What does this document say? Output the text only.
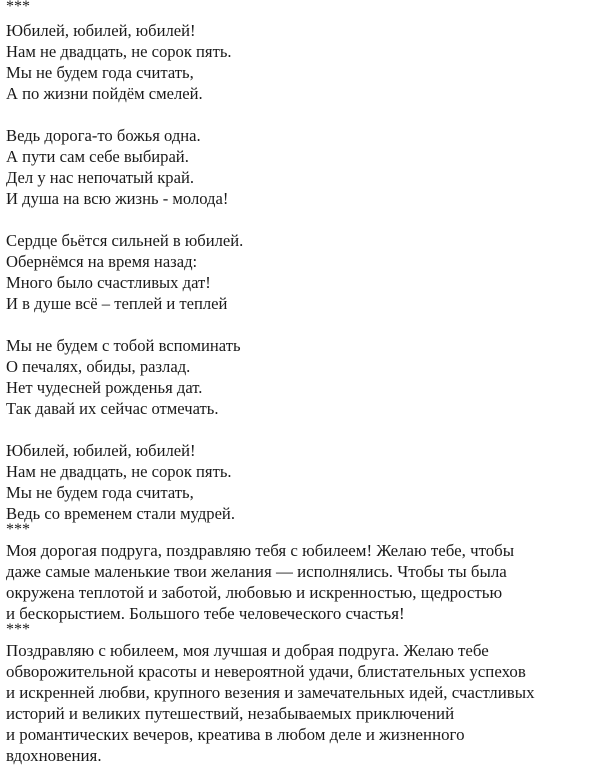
***
Юбилей, юбилей, юбилей!
Нам не двадцать, не сорок пять.
Мы не будем года считать,
А по жизни пойдём смелей.
Ведь дорога-то божья одна.
А пути сам себе выбирай.
Дел у нас непочатый край.
И душа на всю жизнь - молода!
Сердце бьётся сильней в юбилей.
Обернёмся на время назад:
Много было счастливых дат!
И в душе всё – теплей и теплей
Мы не будем с тобой вспоминать
О печалях, обиды, разлад.
Нет чудесней рожденья дат.
Так давай их сейчас отмечать.
Юбилей, юбилей, юбилей!
Нам не двадцать, не сорок пять.
Мы не будем года считать,
Ведь со временем стали мудрей.
***
Моя дорогая подруга, поздравляю тебя с юбилеем! Желаю тебе, чтобы
даже самые маленькие твои желания — исполнялись. Чтобы ты была
окружена теплотой и заботой, любовью и искренностью, щедростью
и бескорыстием. Большого тебе человеческого счастья!
***
Поздравляю с юбилеем, моя лучшая и добрая подруга. Желаю тебе
обворожительной красоты и невероятной удачи, блистательных успехов
и искренней любви, крупного везения и замечательных идей, счастливых
историй и великих путешествий, незабываемых приключений
и романтических вечеров, креатива в любом деле и жизненного
вдохновения.
